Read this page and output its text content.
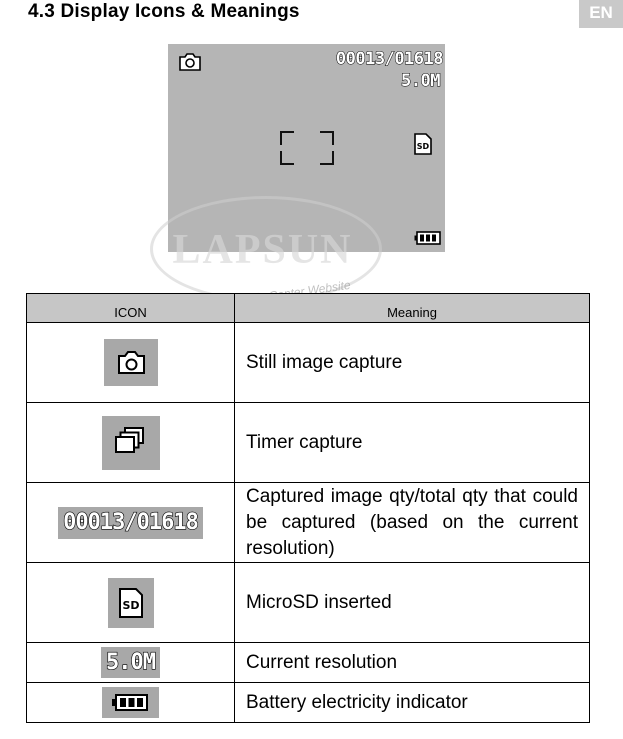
4.3 Display Icons & Meanings	EN
00013/01618
5.0M
SD
LAPSUN
Website
ICON	Meaning

	Still image capture

	Timer capture
00013/01618	Captured image qty/total qty that could be captured (based on the current resolution)

SD	MicroSD inserted
5.0M	Current resolution

	Battery electricity indicator
